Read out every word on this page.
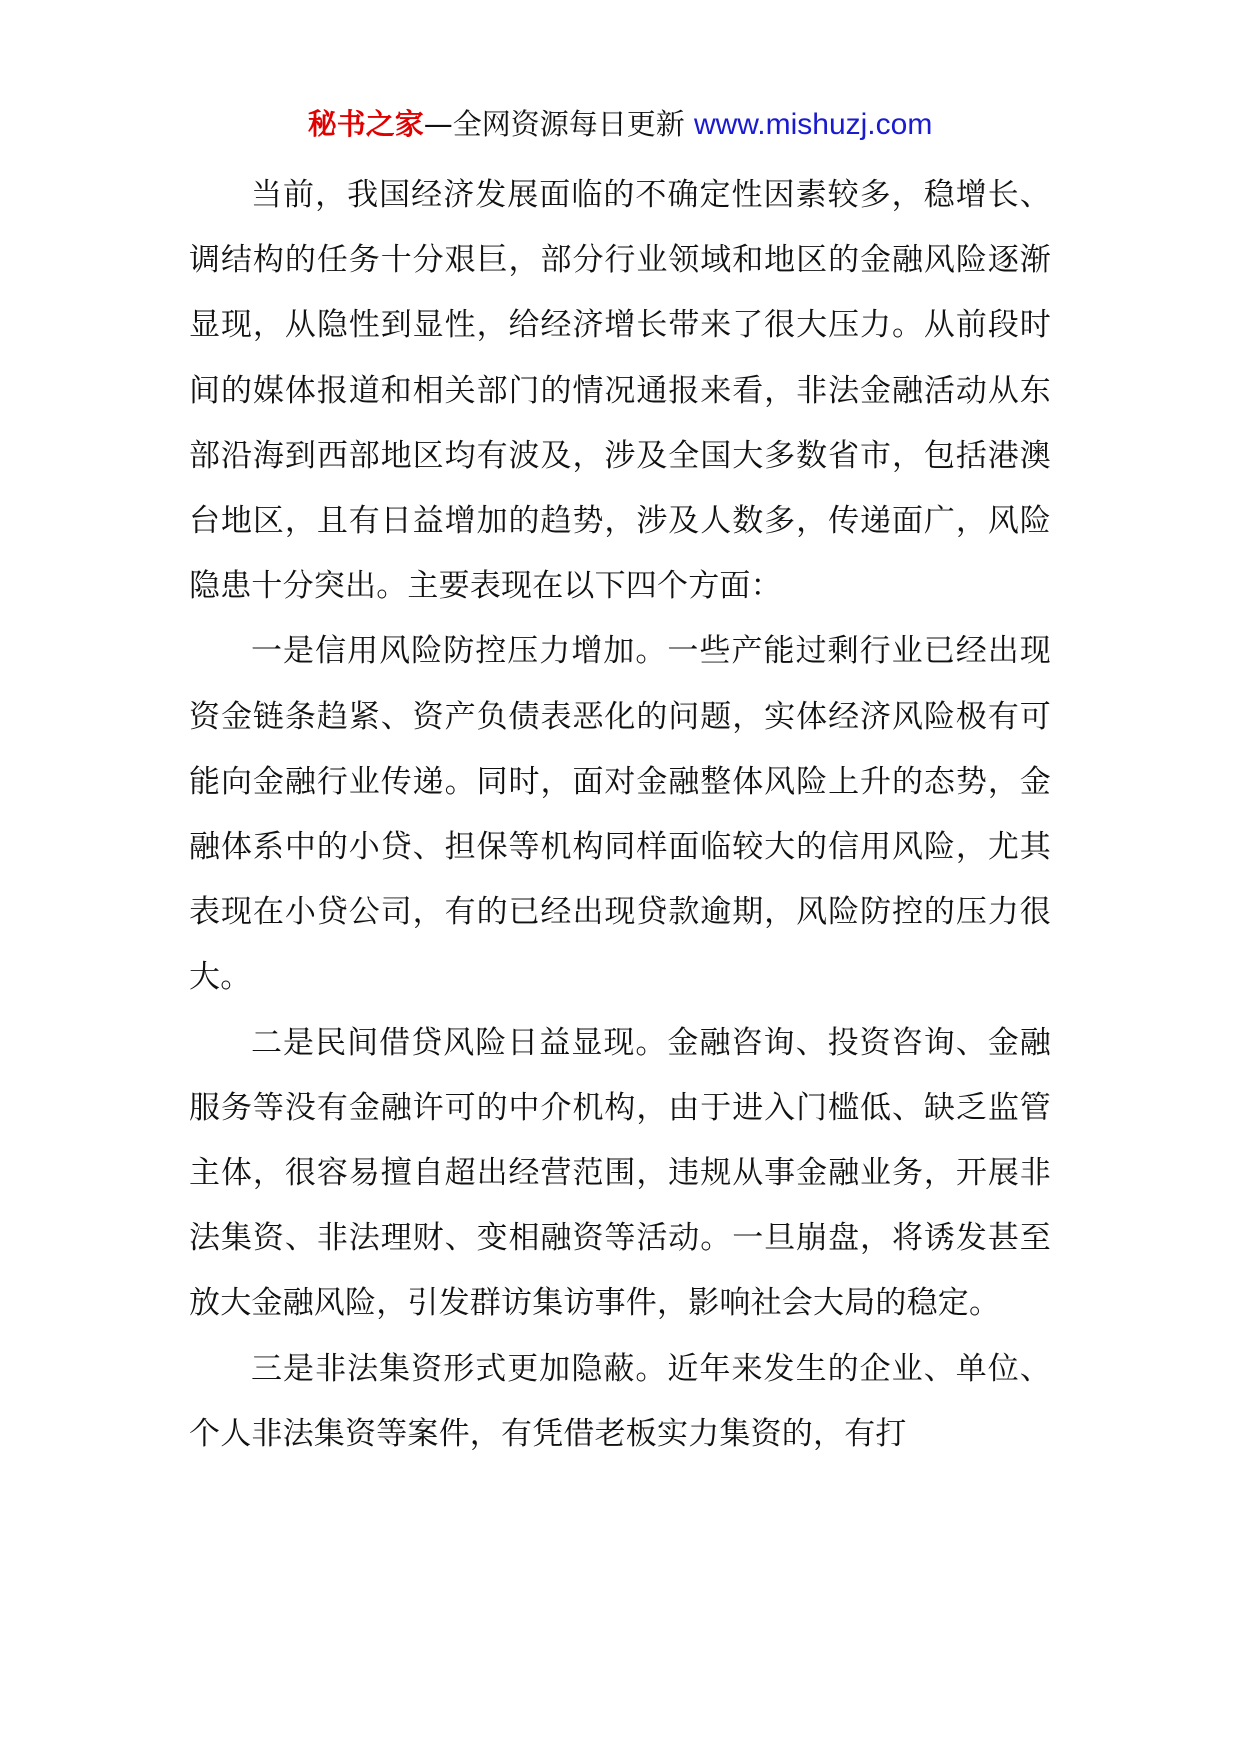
秘书之家—全网资源每日更新 www.mishuzj.com

当前，我国经济发展面临的不确定性因素较多，稳增长、调结构的任务十分艰巨，部分行业领域和地区的金融风险逐渐显现，从隐性到显性，给经济增长带来了很大压力。从前段时间的媒体报道和相关部门的情况通报来看，非法金融活动从东部沿海到西部地区均有波及，涉及全国大多数省市，包括港澳台地区，且有日益增加的趋势，涉及人数多，传递面广，风险隐患十分突出。主要表现在以下四个方面：

一是信用风险防控压力增加。一些产能过剩行业已经出现资金链条趋紧、资产负债表恶化的问题，实体经济风险极有可能向金融行业传递。同时，面对金融整体风险上升的态势，金融体系中的小贷、担保等机构同样面临较大的信用风险，尤其表现在小贷公司，有的已经出现贷款逾期，风险防控的压力很大。

二是民间借贷风险日益显现。金融咨询、投资咨询、金融服务等没有金融许可的中介机构，由于进入门槛低、缺乏监管主体，很容易擅自超出经营范围，违规从事金融业务，开展非法集资、非法理财、变相融资等活动。一旦崩盘，将诱发甚至放大金融风险，引发群访集访事件，影响社会大局的稳定。

三是非法集资形式更加隐蔽。近年来发生的企业、单位、个人非法集资等案件，有凭借老板实力集资的，有打
